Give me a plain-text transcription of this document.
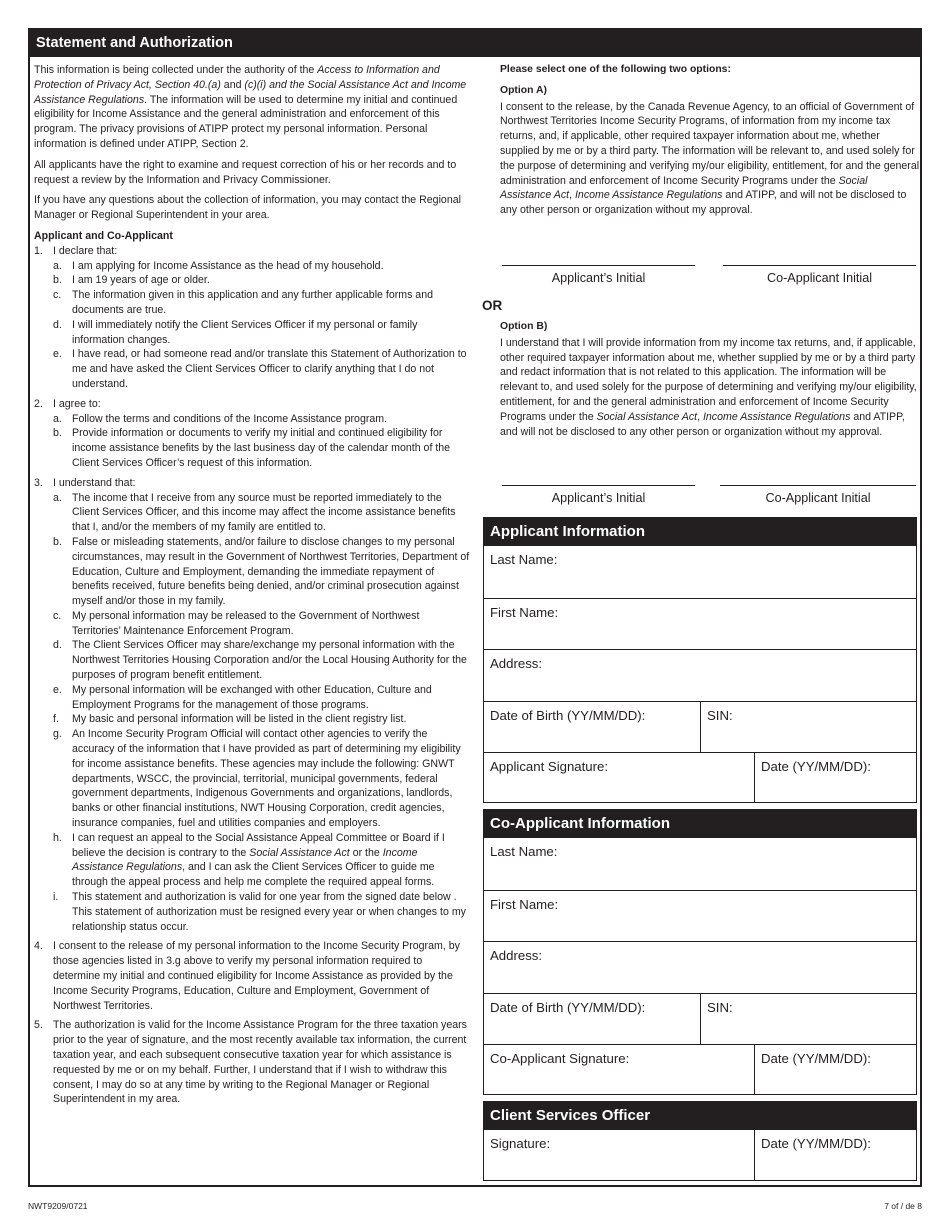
Statement and Authorization

This information is being collected under the authority of the Access to Information and Protection of Privacy Act, Section 40.(a) and (c)(i) and the Social Assistance Act and Income Assistance Regulations. The information will be used to determine my initial and continued eligibility for Income Assistance and the general administration and enforcement of this program. The privacy provisions of ATIPP protect my personal information. Personal information is defined under ATIPP, Section 2.

All applicants have the right to examine and request correction of his or her records and to request a review by the Information and Privacy Commissioner.

If you have any questions about the collection of information, you may contact the Regional Manager or Regional Superintendent in your area.

Applicant and Co-Applicant
1. I declare that:
a. I am applying for Income Assistance as the head of my household.
b. I am 19 years of age or older.
c. The information given in this application and any further applicable forms and documents are true.
d. I will immediately notify the Client Services Officer if my personal or family information changes.
e. I have read, or had someone read and/or translate this Statement of Authorization to me and have asked the Client Services Officer to clarify anything that I do not understand.
2. I agree to:
a. Follow the terms and conditions of the Income Assistance program.
b. Provide information or documents to verify my initial and continued eligibility for income assistance benefits by the last business day of the calendar month of the Client Services Officer’s request of this information.
3. I understand that:
a. The income that I receive from any source must be reported immediately to the Client Services Officer, and this income may affect the income assistance benefits that I, and/or the members of my family are entitled to.
b. False or misleading statements, and/or failure to disclose changes to my personal circumstances, may result in the Government of Northwest Territories, Department of Education, Culture and Employment, demanding the immediate repayment of benefits received, future benefits being denied, and/or criminal prosecution against myself and/or those in my family.
c. My personal information may be released to the Government of Northwest Territories’ Maintenance Enforcement Program.
d. The Client Services Officer may share/exchange my personal information with the Northwest Territories Housing Corporation and/or the Local Housing Authority for the purposes of program benefit entitlement.
e. My personal information will be exchanged with other Education, Culture and Employment Programs for the management of those programs.
f. My basic and personal information will be listed in the client registry list.
g. An Income Security Program Official will contact other agencies to verify the accuracy of the information that I have provided as part of determining my eligibility for income assistance benefits. These agencies may include the following: GNWT departments, WSCC, the provincial, territorial, municipal governments, federal government departments, Indigenous Governments and organizations, landlords, banks or other financial institutions, NWT Housing Corporation, credit agencies, insurance companies, fuel and utilities companies and employers.
h. I can request an appeal to the Social Assistance Appeal Committee or Board if I believe the decision is contrary to the Social Assistance Act or the Income Assistance Regulations, and I can ask the Client Services Officer to guide me through the appeal process and help me complete the required appeal forms.
i. This statement and authorization is valid for one year from the signed date below . This statement of authorization must be resigned every year or when changes to my relationship status occur.
4. I consent to the release of my personal information to the Income Security Program, by those agencies listed in 3.g above to verify my personal information required to determine my initial and continued eligibility for Income Assistance as provided by the Income Security Programs, Education, Culture and Employment, Government of Northwest Territories.
5. The authorization is valid for the Income Assistance Program for the three taxation years prior to the year of signature, and the most recently available tax information, the current taxation year, and each subsequent consecutive taxation year for which assistance is requested by me or on my behalf. Further, I understand that if I wish to withdraw this consent, I may do so at any time by writing to the Regional Manager or Regional Superintendent in my area.
Please select one of the following two options:
Option A)
I consent to the release, by the Canada Revenue Agency, to an official of Government of Northwest Territories Income Security Programs, of information from my income tax returns, and, if applicable, other required taxpayer information about me, whether supplied by me or by a third party. The information will be relevant to, and used solely for the purpose of determining and verifying my/our eligibility, entitlement, for and the general administration and enforcement of Income Security Programs under the Social Assistance Act, Income Assistance Regulations and ATIPP, and will not be disclosed to any other person or organization without my approval.
Applicant’s Initial	Co-Applicant Initial
OR
Option B)
I understand that I will provide information from my income tax returns, and, if applicable, other required taxpayer information about me, whether supplied by me or by a third party and redact information that is not related to this application. The information will be relevant to, and used solely for the purpose of determining and verifying my/our eligibility, entitlement, for and the general administration and enforcement of Income Security Programs under the Social Assistance Act, Income Assistance Regulations and ATIPP, and will not be disclosed to any other person or organization without my approval.
Applicant’s Initial	Co-Applicant Initial
Applicant Information
Last Name:
First Name:
Address:
Date of Birth (YY/MM/DD):	SIN:
Applicant Signature:	Date (YY/MM/DD):
Co-Applicant Information
Last Name:
First Name:
Address:
Date of Birth (YY/MM/DD):	SIN:
Co-Applicant Signature:	Date (YY/MM/DD):
Client Services Officer
Signature:	Date (YY/MM/DD):
NWT9209/0721	7 of / de 8
